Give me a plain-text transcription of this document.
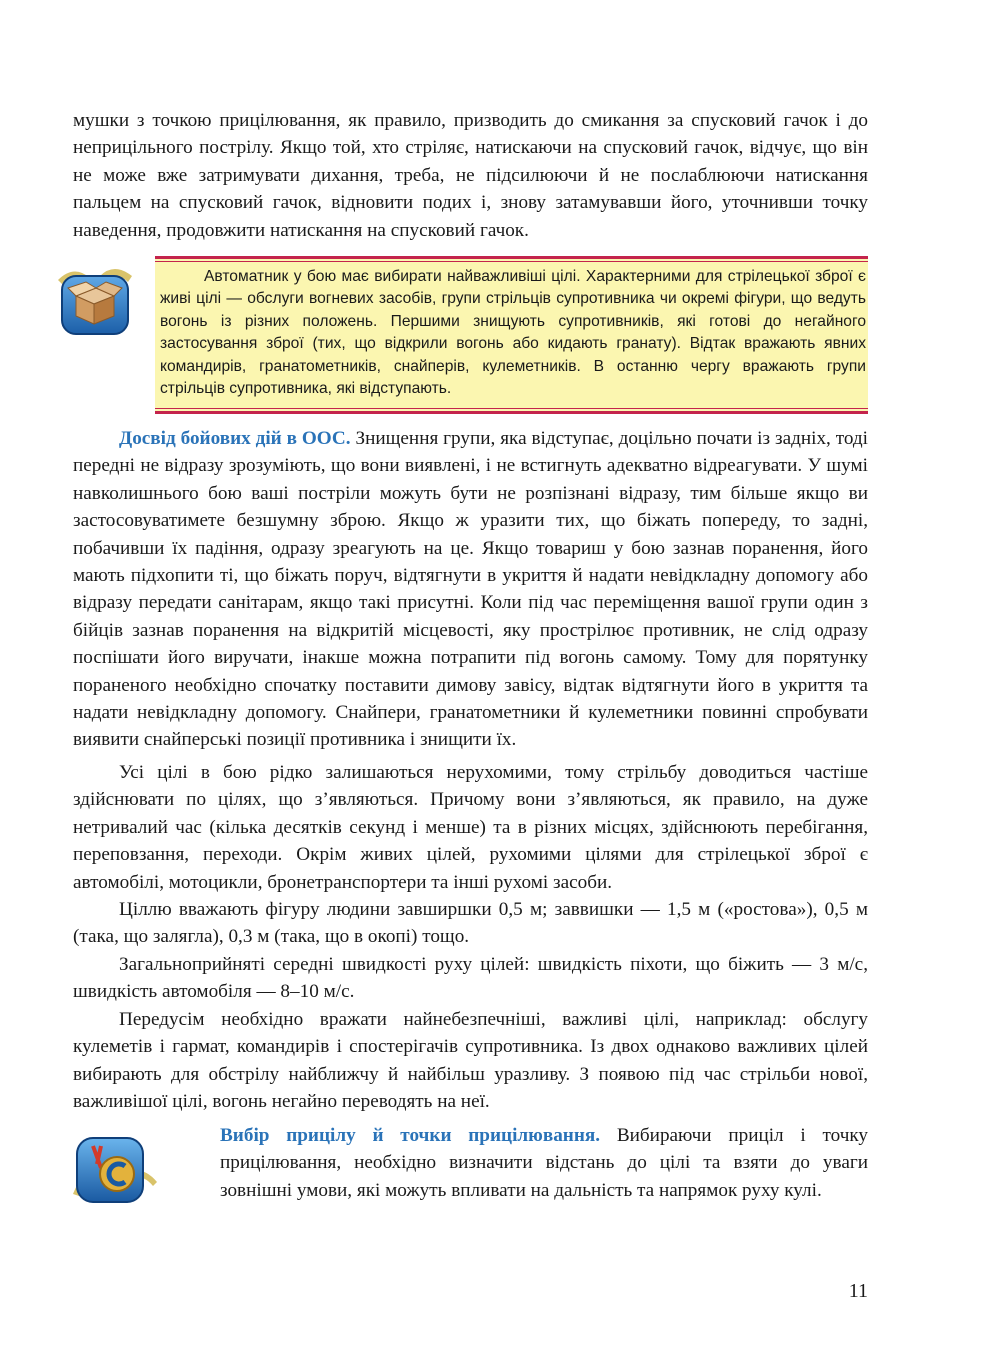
мушки з точкою прицілювання, як правило, призводить до смикання за спусковий гачок і до неприцільного пострілу. Якщо той, хто стріляє, натискаючи на спусковий гачок, відчує, що він не може вже затримувати дихання, треба, не підсилюючи й не послаблюючи натискання пальцем на спусковий гачок, відновити подих і, знову затамувавши його, уточнивши точку наведення, продовжити натискання на спусковий гачок.

Автоматник у бою має вибирати найважливіші цілі. Характерними для стрілецької зброї є живі цілі — обслуги вогневих засобів, групи стрільців супротивника чи окремі фігури, що ведуть вогонь із різних положень. Першими знищують супротивників, які готові до негайного застосування зброї (тих, що відкрили вогонь або кидають гранату). Відтак вражають явних командирів, гранатометників, снайперів, кулеметників. В останню чергу вражають групи стрільців супротивника, які відступають.

Досвід бойових дій в ООС. Знищення групи, яка відступає, доцільно почати із задніх, тоді передні не відразу зрозуміють, що вони виявлені, і не встигнуть адекватно відреагувати. У шумі навколишнього бою ваші постріли можуть бути не розпізнані відразу, тим більше якщо ви застосовуватимете безшумну зброю. Якщо ж уразити тих, що біжать попереду, то задні, побачивши їх падіння, одразу зреагують на це. Якщо товариш у бою зазнав поранення, його мають підхопити ті, що біжать поруч, відтягнути в укриття й надати невідкладну допомогу або відразу передати санітарам, якщо такі присутні. Коли під час переміщення вашої групи один з бійців зазнав поранення на відкритій місцевості, яку прострілює противник, не слід одразу поспішати його виручати, інакше можна потрапити під вогонь самому. Тому для порятунку пораненого необхідно спочатку поставити димову завісу, відтак відтягнути його в укриття та надати невідкладну допомогу. Снайпери, гранатометники й кулеметники повинні спробувати виявити снайперські позиції противника і знищити їх.

Усі цілі в бою рідко залишаються нерухомими, тому стрільбу доводиться частіше здійснювати по цілях, що з’являються. Причому вони з’являються, як правило, на дуже нетривалий час (кілька десятків секунд і менше) та в різних місцях, здійснюють перебігання, переповзання, переходи. Окрім живих цілей, рухомими цілями для стрілецької зброї є автомобілі, мотоцикли, бронетранспортери та інші рухомі засоби.

Ціллю вважають фігуру людини завширшки 0,5 м; заввишки — 1,5 м («ростова»), 0,5 м (така, що залягла), 0,3 м (така, що в окопі) тощо.

Загальноприйняті середні швидкості руху цілей: швидкість піхоти, що біжить — 3 м/с, швидкість автомобіля — 8–10 м/с.

Передусім необхідно вражати найнебезпечніші, важливі цілі, наприклад: обслугу кулеметів і гармат, командирів і спостерігачів супротивника. Із двох однаково важливих цілей вибирають для обстрілу найближчу й найбільш уразливу. З появою під час стрільби нової, важливішої цілі, вогонь негайно переводять на неї.

Вибір прицілу й точки прицілювання. Вибираючи приціл і точку прицілювання, необхідно визначити відстань до цілі та взяти до уваги зовнішні умови, які можуть впливати на дальність та напрямок руху кулі.

11
